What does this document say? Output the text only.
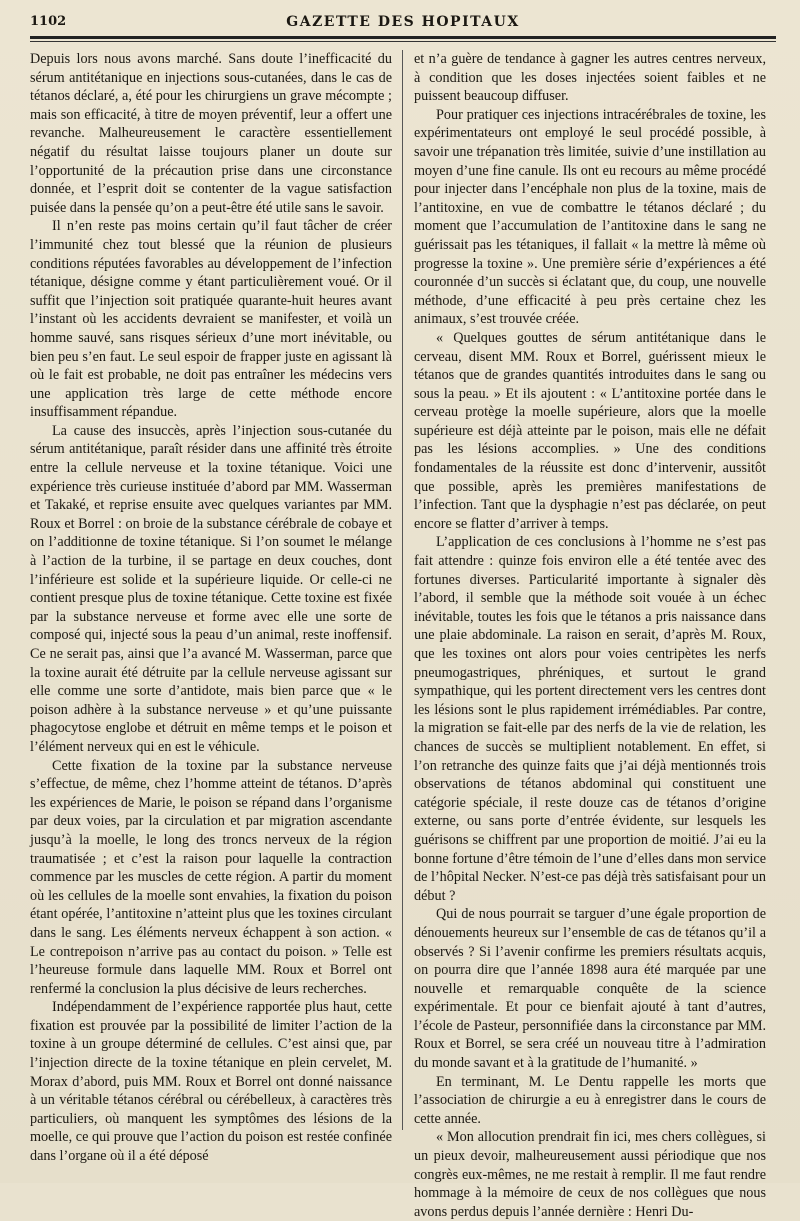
1102	GAZETTE DES HOPITAUX

Depuis lors nous avons marché. Sans doute l’inefficacité du sérum antitétanique en injections sous-cutanées, dans le cas de tétanos déclaré, a, été pour les chirurgiens un grave mécompte ; mais son efficacité, à titre de moyen préventif, leur a offert une revanche. Malheureusement le caractère essentiellement négatif du résultat laisse toujours planer un doute sur l’opportunité de la précaution prise dans une circonstance donnée, et l’esprit doit se contenter de la vague satisfaction puisée dans la pensée qu’on a peut-être été utile sans le savoir.

Il n’en reste pas moins certain qu’il faut tâcher de créer l’immunité chez tout blessé que la réunion de plusieurs conditions réputées favorables au développement de l’infection tétanique, désigne comme y étant particulièrement voué. Or il suffit que l’injection soit pratiquée quarante-huit heures avant l’instant où les accidents devraient se manifester, et voilà un homme sauvé, sans risques sérieux d’une mort inévitable, ou bien peu s’en faut. Le seul espoir de frapper juste en agissant là où le fait est probable, ne doit pas entraîner les médecins vers une application très large de cette méthode encore insuffisamment répandue.

La cause des insuccès, après l’injection sous-cutanée du sérum antitétanique, paraît résider dans une affinité très étroite entre la cellule nerveuse et la toxine tétanique. Voici une expérience très curieuse instituée d’abord par MM. Wasserman et Takaké, et reprise ensuite avec quelques variantes par MM. Roux et Borrel : on broie de la substance cérébrale de cobaye et on l’additionne de toxine tétanique. Si l’on soumet le mélange à l’action de la turbine, il se partage en deux couches, dont l’inférieure est solide et la supérieure liquide. Or celle-ci ne contient presque plus de toxine tétanique. Cette toxine est fixée par la substance nerveuse et forme avec elle une sorte de composé qui, injecté sous la peau d’un animal, reste inoffensif. Ce ne serait pas, ainsi que l’a avancé M. Wasserman, parce que la toxine aurait été détruite par la cellule nerveuse agissant sur elle comme une sorte d’antidote, mais bien parce que « le poison adhère à la substance nerveuse » et qu’une puissante phagocytose englobe et détruit en même temps et le poison et l’élément nerveux qui en est le véhicule.

Cette fixation de la toxine par la substance nerveuse s’effectue, de même, chez l’homme atteint de tétanos. D’après les expériences de Marie, le poison se répand dans l’organisme par deux voies, par la circulation et par migration ascendante jusqu’à la moelle, le long des troncs nerveux de la région traumatisée ; et c’est la raison pour laquelle la contraction commence par les muscles de cette région. A partir du moment où les cellules de la moelle sont envahies, la fixation du poison étant opérée, l’antitoxine n’atteint plus que les toxines circulant dans le sang. Les éléments nerveux échappent à son action. « Le contrepoison n’arrive pas au contact du poison. » Telle est l’heureuse formule dans laquelle MM. Roux et Borrel ont renfermé la conclusion la plus décisive de leurs recherches.

Indépendamment de l’expérience rapportée plus haut, cette fixation est prouvée par la possibilité de limiter l’action de la toxine à un groupe déterminé de cellules. C’est ainsi que, par l’injection directe de la toxine tétanique en plein cervelet, M. Morax d’abord, puis MM. Roux et Borrel ont donné naissance à un véritable tétanos cérébral ou cérébelleux, à caractères très particuliers, où manquent les symptômes des lésions de la moelle, ce qui prouve que l’action du poison est restée confinée dans l’organe où il a été déposé

et n’a guère de tendance à gagner les autres centres nerveux, à condition que les doses injectées soient faibles et ne puissent beaucoup diffuser.

Pour pratiquer ces injections intracérébrales de toxine, les expérimentateurs ont employé le seul procédé possible, à savoir une trépanation très limitée, suivie d’une instillation au moyen d’une fine canule. Ils ont eu recours au même procédé pour injecter dans l’encéphale non plus de la toxine, mais de l’antitoxine, en vue de combattre le tétanos déclaré ; du moment que l’accumulation de l’antitoxine dans le sang ne guérissait pas les tétaniques, il fallait « la mettre là même où progresse la toxine ». Une première série d’expériences a été couronnée d’un succès si éclatant que, du coup, une nouvelle méthode, d’une efficacité à peu près certaine chez les animaux, s’est trouvée créée.

« Quelques gouttes de sérum antitétanique dans le cerveau, disent MM. Roux et Borrel, guérissent mieux le tétanos que de grandes quantités introduites dans le sang ou sous la peau. » Et ils ajoutent : « L’antitoxine portée dans le cerveau protège la moelle supérieure, alors que la moelle supérieure est déjà atteinte par le poison, mais elle ne défait pas les lésions accomplies. » Une des conditions fondamentales de la réussite est donc d’intervenir, aussitôt que possible, après les premières manifestations de l’infection. Tant que la dysphagie n’est pas déclarée, on peut encore se flatter d’arriver à temps.

L’application de ces conclusions à l’homme ne s’est pas fait attendre : quinze fois environ elle a été tentée avec des fortunes diverses. Particularité importante à signaler dès l’abord, il semble que la méthode soit vouée à un échec inévitable, toutes les fois que le tétanos a pris naissance dans une plaie abdominale. La raison en serait, d’après M. Roux, que les toxines ont alors pour voies centripètes les nerfs pneumogastriques, phréniques, et surtout le grand sympathique, qui les portent directement vers les centres dont les lésions sont le plus rapidement irrémédiables. Par contre, la migration se fait-elle par des nerfs de la vie de relation, les chances de succès se multiplient notablement. En effet, si l’on retranche des quinze faits que j’ai déjà mentionnés trois observations de tétanos abdominal qui constituent une catégorie spéciale, il reste douze cas de tétanos d’origine externe, ou sans porte d’entrée évidente, sur lesquels les guérisons se chiffrent par une proportion de moitié. J’ai eu la bonne fortune d’être témoin de l’une d’elles dans mon service de l’hôpital Necker. N’est-ce pas déjà très satisfaisant pour un début ?

Qui de nous pourrait se targuer d’une égale proportion de dénouements heureux sur l’ensemble de cas de tétanos qu’il a observés ? Si l’avenir confirme les premiers résultats acquis, on pourra dire que l’année 1898 aura été marquée par une nouvelle et remarquable conquête de la science expérimentale. Et pour ce bienfait ajouté à tant d’autres, l’école de Pasteur, personnifiée dans la circonstance par MM. Roux et Borrel, se sera créé un nouveau titre à l’admiration du monde savant et à la gratitude de l’humanité. »

En terminant, M. Le Dentu rappelle les morts que l’association de chirurgie a eu à enregistrer dans le cours de cette année.

« Mon allocution prendrait fin ici, mes chers collègues, si un pieux devoir, malheureusement aussi périodique que nos congrès eux-mêmes, ne me restait à remplir. Il me faut rendre hommage à la mémoire de ceux de nos collègues que nous avons perdus depuis l’année dernière : Henri Du-
